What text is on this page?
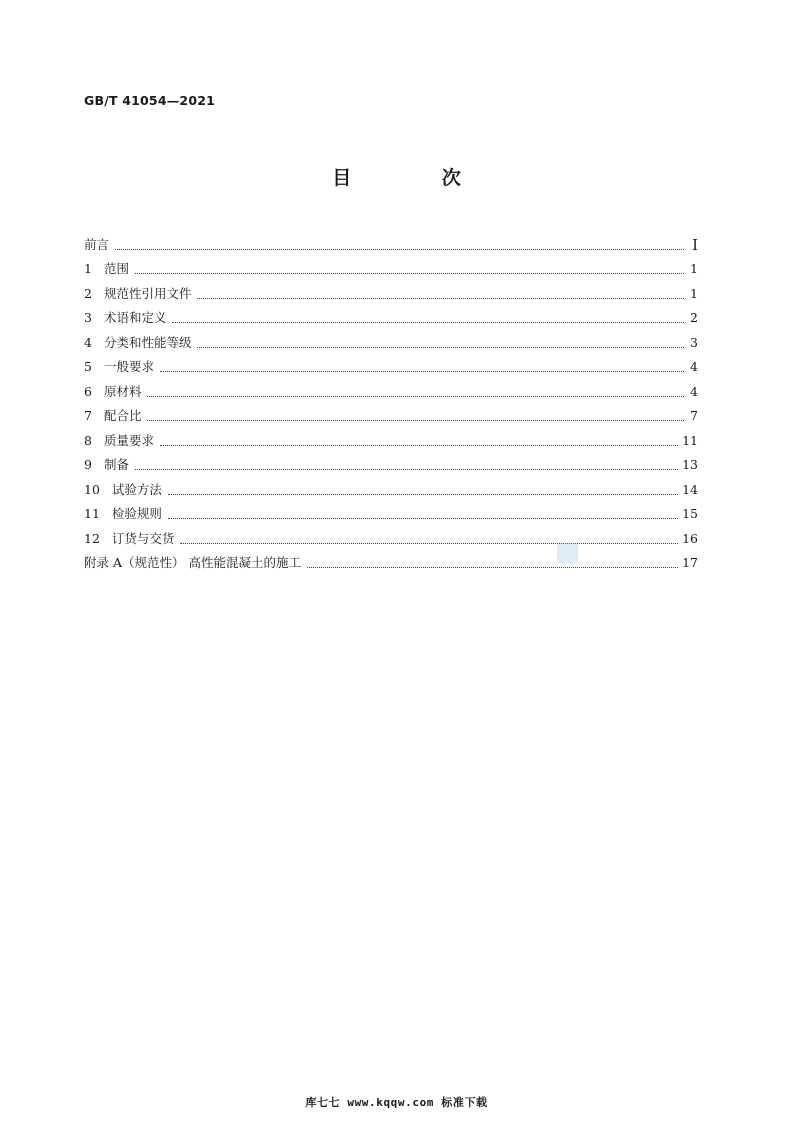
GB/T 41054—2021
目 次
前言	I
1 范围	1
2 规范性引用文件	1
3 术语和定义	2
4 分类和性能等级	3
5 一般要求	4
6 原材料	4
7 配合比	7
8 质量要求	11
9 制备	13
10 试验方法	14
11 检验规则	15
12 订货与交货	16
附录 A（规范性） 高性能混凝土的施工	17
库七七 www.kqqw.com 标准下载
